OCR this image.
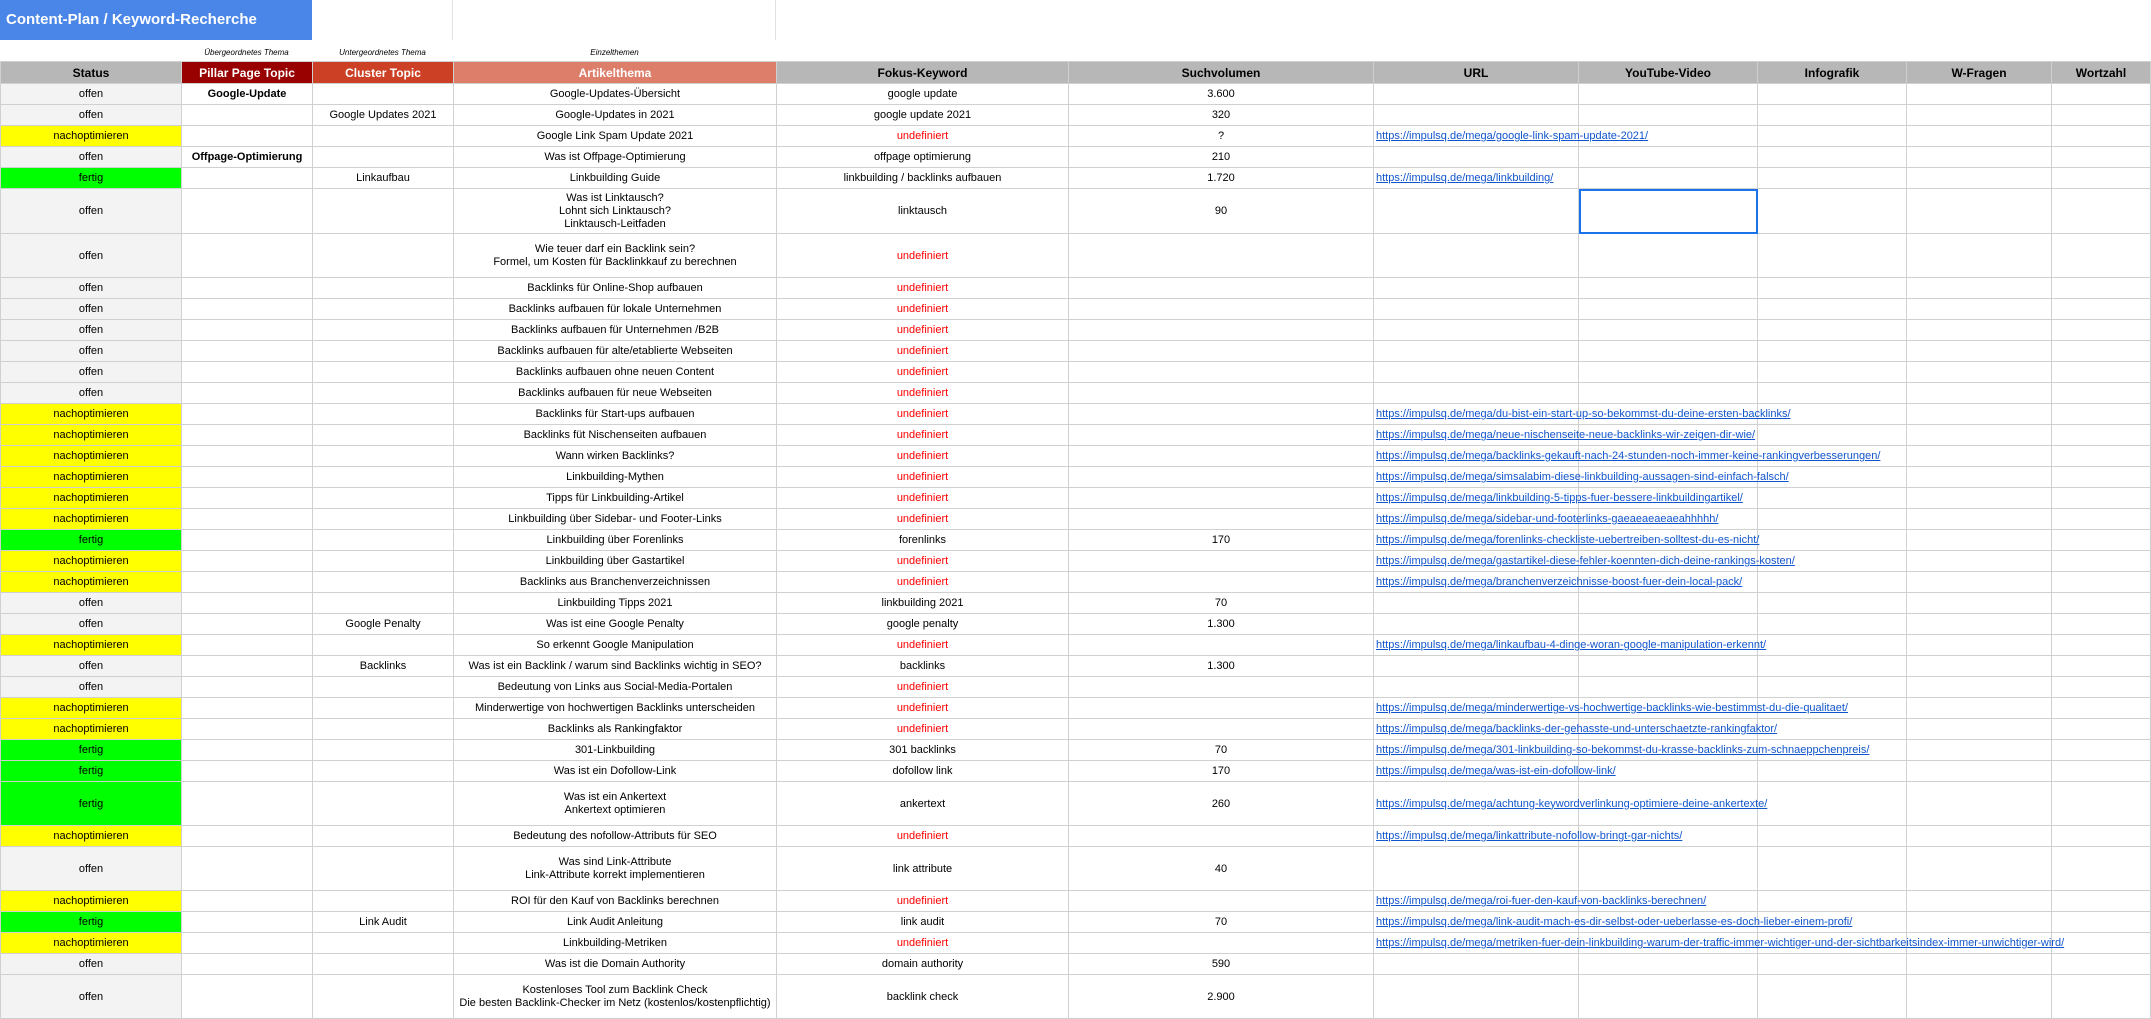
Content-Plan / Keyword-Recherche
Übergeordnetes Thema	Untergeordnetes Thema	Einzelthemen
Status	Pillar Page Topic	Cluster Topic	Artikelthema	Fokus-Keyword	Suchvolumen	URL	YouTube-Video	Infografik	W-Fragen	Wortzahl
offen	Google-Update		Google-Updates-Übersicht	google update	3.600					
offen		Google Updates 2021	Google-Updates in 2021	google update 2021	320					
nachoptimieren			Google Link Spam Update 2021	undefiniert	?	https://impulsq.de/mega/google-link-spam-update-2021/				
offen	Offpage-Optimierung		Was ist Offpage-Optimierung	offpage optimierung	210					
fertig		Linkaufbau	Linkbuilding Guide	linkbuilding / backlinks aufbauen	1.720	https://impulsq.de/mega/linkbuilding/				
offen			Was ist Linktausch?
Lohnt sich Linktausch?
Linktausch-Leitfaden	linktausch	90					
offen			Wie teuer darf ein Backlink sein?
Formel, um Kosten für Backlinkkauf zu berechnen	undefiniert						
offen			Backlinks für Online-Shop aufbauen	undefiniert						
offen			Backlinks aufbauen für lokale Unternehmen	undefiniert						
offen			Backlinks aufbauen für Unternehmen /B2B	undefiniert						
offen			Backlinks aufbauen für alte/etablierte Webseiten	undefiniert						
offen			Backlinks aufbauen ohne neuen Content	undefiniert						
offen			Backlinks aufbauen für neue Webseiten	undefiniert						
nachoptimieren			Backlinks für Start-ups aufbauen	undefiniert		https://impulsq.de/mega/du-bist-ein-start-up-so-bekommst-du-deine-ersten-backlinks/				
nachoptimieren			Backlinks füt Nischenseiten aufbauen	undefiniert		https://impulsq.de/mega/neue-nischenseite-neue-backlinks-wir-zeigen-dir-wie/				
nachoptimieren			Wann wirken Backlinks?	undefiniert		https://impulsq.de/mega/backlinks-gekauft-nach-24-stunden-noch-immer-keine-rankingverbesserungen/				
nachoptimieren			Linkbuilding-Mythen	undefiniert		https://impulsq.de/mega/simsalabim-diese-linkbuilding-aussagen-sind-einfach-falsch/				
nachoptimieren			Tipps für Linkbuilding-Artikel	undefiniert		https://impulsq.de/mega/linkbuilding-5-tipps-fuer-bessere-linkbuildingartikel/				
nachoptimieren			Linkbuilding über Sidebar- und Footer-Links	undefiniert		https://impulsq.de/mega/sidebar-und-footerlinks-gaeaeaeaeaeahhhhh/				
fertig			Linkbuilding über Forenlinks	forenlinks	170	https://impulsq.de/mega/forenlinks-checkliste-uebertreiben-solltest-du-es-nicht/				
nachoptimieren			Linkbuilding über Gastartikel	undefiniert		https://impulsq.de/mega/gastartikel-diese-fehler-koennten-dich-deine-rankings-kosten/				
nachoptimieren			Backlinks aus Branchenverzeichnissen	undefiniert		https://impulsq.de/mega/branchenverzeichnisse-boost-fuer-dein-local-pack/				
offen			Linkbuilding Tipps 2021	linkbuilding 2021	70					
offen		Google Penalty	Was ist eine Google Penalty	google penalty	1.300					
nachoptimieren			So erkennt Google Manipulation	undefiniert		https://impulsq.de/mega/linkaufbau-4-dinge-woran-google-manipulation-erkennt/				
offen		Backlinks	Was ist ein Backlink / warum sind Backlinks wichtig in SEO?	backlinks	1.300					
offen			Bedeutung von Links aus Social-Media-Portalen	undefiniert						
nachoptimieren			Minderwertige von hochwertigen Backlinks unterscheiden	undefiniert		https://impulsq.de/mega/minderwertige-vs-hochwertige-backlinks-wie-bestimmst-du-die-qualitaet/				
nachoptimieren			Backlinks als Rankingfaktor	undefiniert		https://impulsq.de/mega/backlinks-der-gehasste-und-unterschaetzte-rankingfaktor/				
fertig			301-Linkbuilding	301 backlinks	70	https://impulsq.de/mega/301-linkbuilding-so-bekommst-du-krasse-backlinks-zum-schnaeppchenpreis/				
fertig			Was ist ein Dofollow-Link	dofollow link	170	https://impulsq.de/mega/was-ist-ein-dofollow-link/				
fertig			Was ist ein Ankertext
Ankertext optimieren	ankertext	260	https://impulsq.de/mega/achtung-keywordverlinkung-optimiere-deine-ankertexte/				
nachoptimieren			Bedeutung des nofollow-Attributs für SEO	undefiniert		https://impulsq.de/mega/linkattribute-nofollow-bringt-gar-nichts/				
offen			Was sind Link-Attribute
Link-Attribute korrekt implementieren	link attribute	40					
nachoptimieren			ROI für den Kauf von Backlinks berechnen	undefiniert		https://impulsq.de/mega/roi-fuer-den-kauf-von-backlinks-berechnen/				
fertig		Link Audit	Link Audit Anleitung	link audit	70	https://impulsq.de/mega/link-audit-mach-es-dir-selbst-oder-ueberlasse-es-doch-lieber-einem-profi/				
nachoptimieren			Linkbuilding-Metriken	undefiniert		https://impulsq.de/mega/metriken-fuer-dein-linkbuilding-warum-der-traffic-immer-wichtiger-und-der-sichtbarkeitsindex-immer-unwichtiger-wird/				
offen			Was ist die Domain Authority	domain authority	590					
offen			Kostenloses Tool zum Backlink Check
Die besten Backlink-Checker im Netz (kostenlos/kostenpflichtig)	backlink check	2.900					
